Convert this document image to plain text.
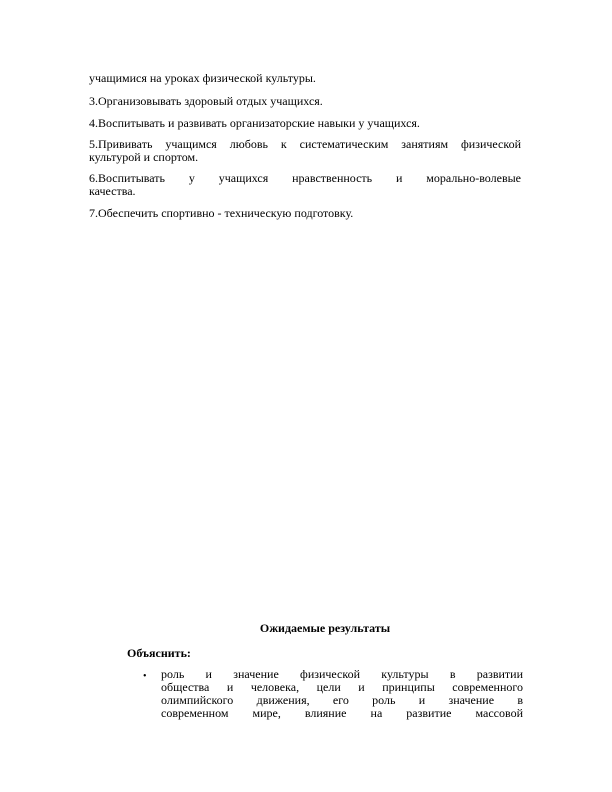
учащимися на уроках физической культуры.
3.Организовывать здоровый отдых учащихся.
4.Воспитывать и развивать организаторские навыки у учащихся.
5.Прививать учащимся любовь к систематическим занятиям физической
культурой и спортом.
6.Воспитывать у учащихся нравственность и морально-волевые
качества.
7.Обеспечить спортивно - техническую подготовку.
Ожидаемые результаты
Объяснить:
• роль и значение физической культуры в развитии
общества и человека, цели и принципы современного
олимпийского движения, его роль и значение в
современном мире, влияние на развитие массовой
